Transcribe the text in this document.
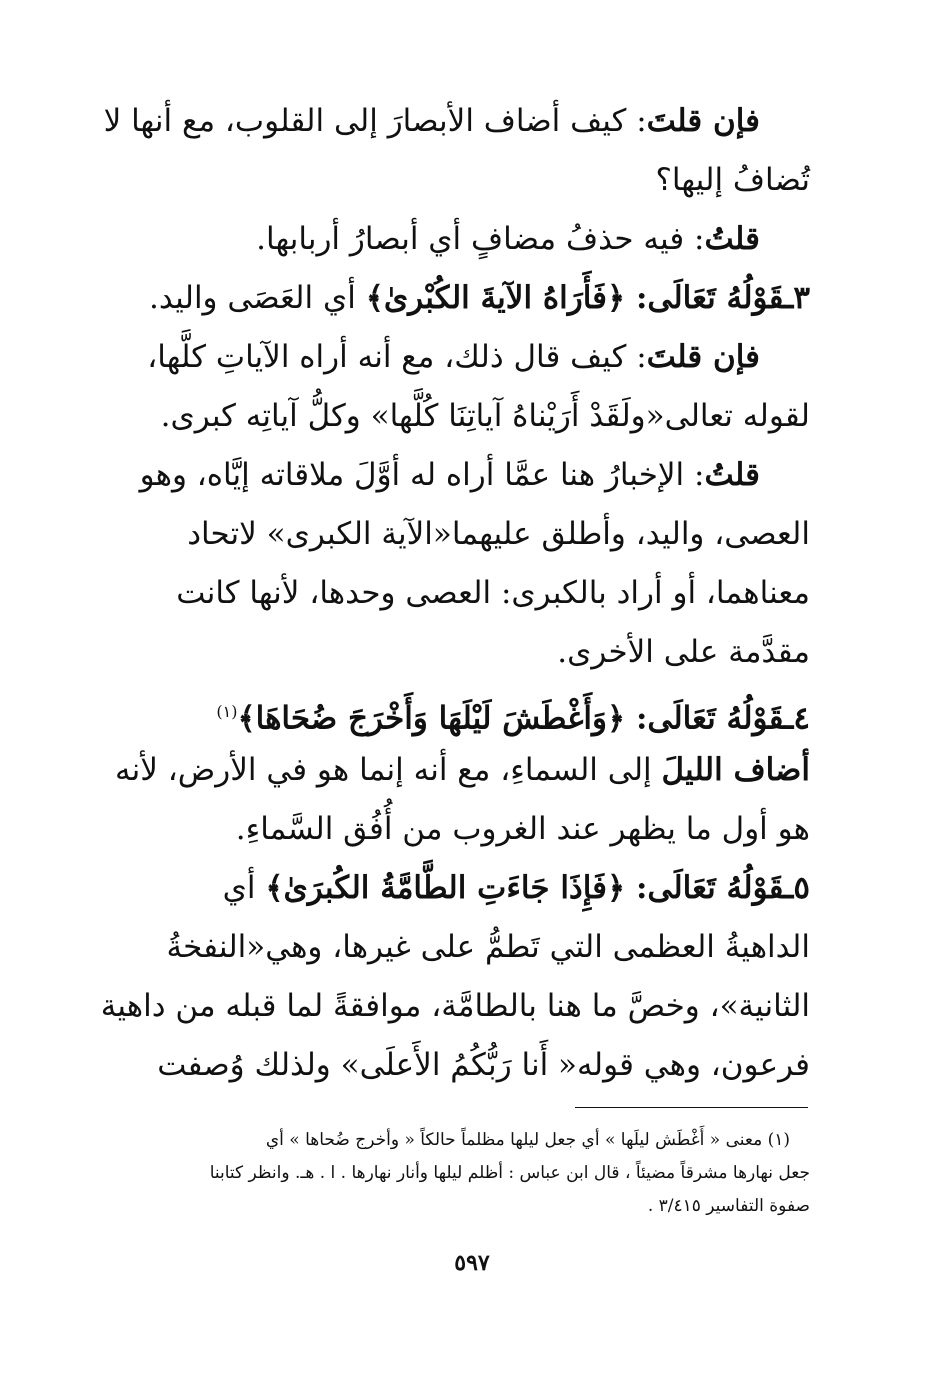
فإن قلتَ: كيف أضاف الأبصارَ إلى القلوب، مع أنها لا
تُضافُ إليها؟
قلتُ: فيه حذفُ مضافٍ أي أبصارُ أربابها.
٣ـقَوْلُهُ تَعَالَى: ﴿فَأَرَاهُ الآيةَ الكُبْرىٰ﴾ أي العَصَى واليد.
فإن قلتَ: كيف قال ذلك، مع أنه أراه الآياتِ كلَّها،
لقوله تعالى«ولَقَدْ أَرَيْناهُ آياتِنَا كُلَّها» وكلُّ آياتِه كبرى.
قلتُ: الإخبارُ هنا عمَّا أراه له أوَّلَ ملاقاته إيَّاه، وهو
العصى، واليد، وأطلق عليهما«الآية الكبرى» لاتحاد
معناهما، أو أراد بالكبرى: العصى وحدها، لأنها كانت
مقدَّمة على الأخرى.
٤ـقَوْلُهُ تَعَالَى: ﴿وَأَغْطَشَ لَيْلَهَا وَأَخْرَجَ ضُحَاهَا﴾$^{(١)}$
أضاف الليلَ إلى السماءِ، مع أنه إنما هو في الأرض، لأنه
هو أول ما يظهر عند الغروب من أُفُق السَّماءِ.
٥ـقَوْلُهُ تَعَالَى: ﴿فَإِذَا جَاءَتِ الطَّامَّةُ الكُبرَىٰ﴾ أي
الداهيةُ العظمى التي تَطمُّ على غيرها، وهي«النفخةُ
الثانية»، وخصَّ ما هنا بالطامَّة، موافقةً لما قبله من داهية
فرعون، وهي قوله« أَنا رَبُّكُمُ الأَعلَى» ولذلك وُصفت
(١) معنى « أَغْطَش ليلَها » أي جعل ليلها مظلماً حالكاً « وأخرج ضُحاها » أي
جعل نهارها مشرقاً مضيئاً ، قال ابن عباس : أظلم ليلها وأنار نهارها . ا . هـ. وانظر كتابنا
صفوة التفاسير ٣/٤١٥ .
٥٩٧
